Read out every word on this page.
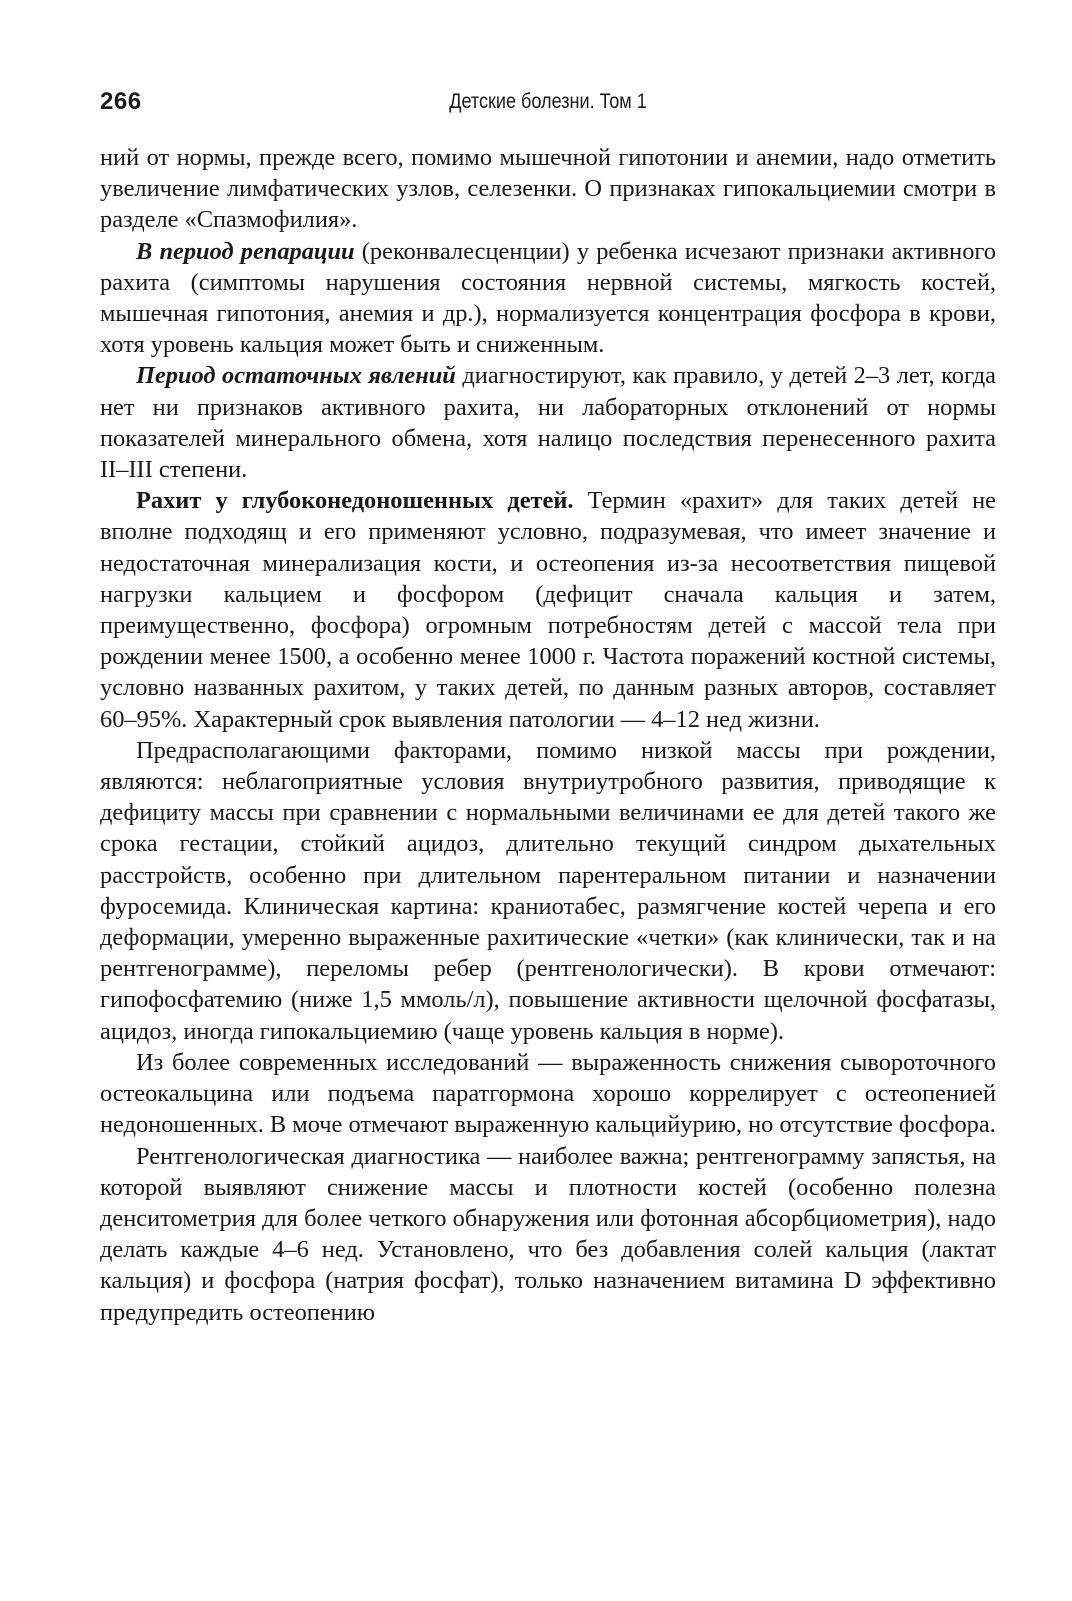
266	Детские болезни. Том 1

ний от нормы, прежде всего, помимо мышечной гипотонии и анемии, надо отметить увеличение лимфатических узлов, селезенки. О признаках гипокальциемии смотри в разделе «Спазмофилия».

В период репарации (реконвалесценции) у ребенка исчезают признаки активного рахита (симптомы нарушения состояния нервной системы, мягкость костей, мышечная гипотония, анемия и др.), нормализуется концентрация фосфора в крови, хотя уровень кальция может быть и сниженным.

Период остаточных явлений диагностируют, как правило, у детей 2–3 лет, когда нет ни признаков активного рахита, ни лабораторных отклонений от нормы показателей минерального обмена, хотя налицо последствия перенесенного рахита II–III степени.

Рахит у глубоконедоношенных детей. Термин «рахит» для таких детей не вполне подходящ и его применяют условно, подразумевая, что имеет значение и недостаточная минерализация кости, и остеопения из-за несоответствия пищевой нагрузки кальцием и фосфором (дефицит сначала кальция и затем, преимущественно, фосфора) огромным потребностям детей с массой тела при рождении менее 1500, а особенно менее 1000 г. Частота поражений костной системы, условно названных рахитом, у таких детей, по данным разных авторов, составляет 60–95%. Характерный срок выявления патологии — 4–12 нед жизни.

Предрасполагающими факторами, помимо низкой массы при рождении, являются: неблагоприятные условия внутриутробного развития, приводящие к дефициту массы при сравнении с нормальными величинами ее для детей такого же срока гестации, стойкий ацидоз, длительно текущий синдром дыхательных расстройств, особенно при длительном парентеральном питании и назначении фуросемида. Клиническая картина: краниотабес, размягчение костей черепа и его деформации, умеренно выраженные рахитические «четки» (как клинически, так и на рентгенограмме), переломы ребер (рентгенологически). В крови отмечают: гипофосфатемию (ниже 1,5 ммоль/л), повышение активности щелочной фосфатазы, ацидоз, иногда гипокальциемию (чаще уровень кальция в норме).

Из более современных исследований — выраженность снижения сывороточного остеокальцина или подъема паратгормона хорошо коррелирует с остеопенией недоношенных. В моче отмечают выраженную кальцийурию, но отсутствие фосфора.

Рентгенологическая диагностика — наиболее важна; рентгенограмму запястья, на которой выявляют снижение массы и плотности костей (особенно полезна денситометрия для более четкого обнаружения или фотонная абсорбциометрия), надо делать каждые 4–6 нед. Установлено, что без добавления солей кальция (лактат кальция) и фосфора (натрия фосфат), только назначением витамина D эффективно предупредить остеопению
